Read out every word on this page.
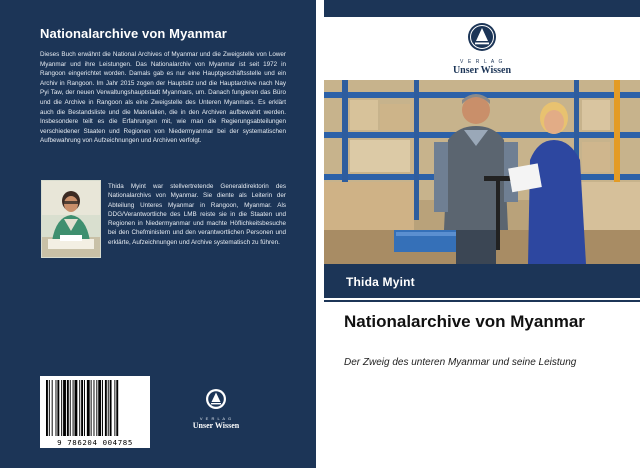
Nationalarchive von Myanmar
Dieses Buch erwähnt die National Archives of Myanmar und die Zweigstelle von Lower Myanmar und ihre Leistungen. Das Nationalarchiv von Myanmar ist seit 1972 in Rangoon eingerichtet worden. Damals gab es nur eine Hauptgeschäftsstelle und ein Archiv in Rangoon. Im Jahr 2015 zogen der Hauptsitz und die Hauptarchive nach Nay Pyi Taw, der neuen Verwaltungshauptstadt Myanmars, um. Danach fungieren das Büro und die Archive in Rangoon als eine Zweigstelle des Unteren Myanmars. Es erklärt auch die Bestandsliste und die Materialien, die in den Archiven aufbewahrt werden. Insbesondere teilt es die Erfahrungen mit, wie man die Regierungsabteilungen verschiedener Staaten und Regionen von Niedermyanmar bei der systematischen Aufbewahrung von Aufzeichnungen und Archiven verfolgt.
Thida Myint war stellvertretende Generaldirektorin des Nationalarchivs von Myanmar. Sie diente als Leiterin der Abteilung Unteres Myanmar in Rangoon, Myanmar. Als DDG/Verantwortliche des LMB reiste sie in die Staaten und Regionen in Niedermyanmar und machte Höflichkeitsbesuche bei den Chefministern und den verantwortlichen Personen und erklärte, Aufzeichnungen und Archive systematisch zu führen.
9 786204 004785
V E R L A G
Unser Wissen
V E R L A G
Unser Wissen
Thida Myint
Nationalarchive von Myanmar
Der Zweig des unteren Myanmar und seine Leistung
